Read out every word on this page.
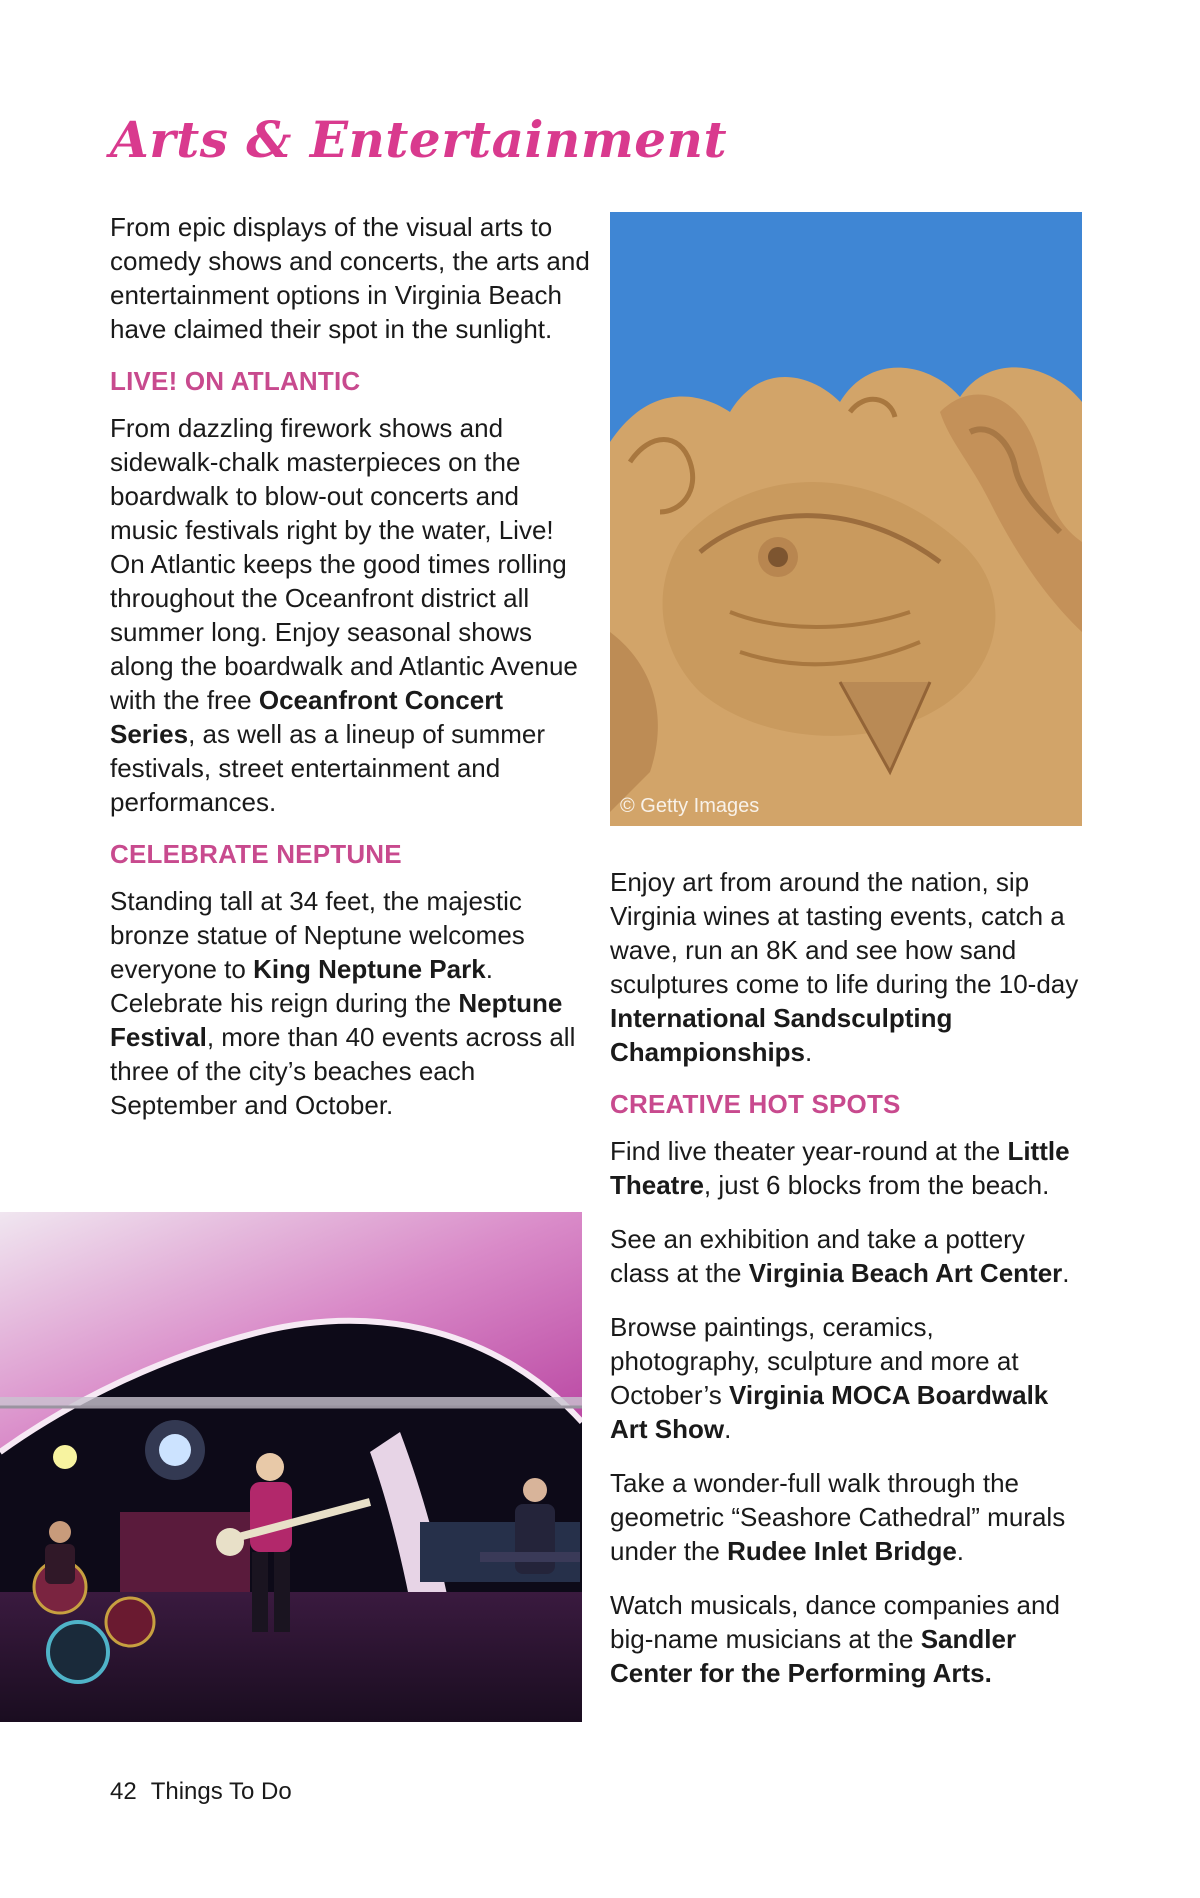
Arts & Entertainment

From epic displays of the visual arts to comedy shows and concerts, the arts and entertainment options in Virginia Beach have claimed their spot in the sunlight.

LIVE! ON ATLANTIC

From dazzling firework shows and sidewalk-chalk masterpieces on the boardwalk to blow-out concerts and music festivals right by the water, Live! On Atlantic keeps the good times rolling throughout the Oceanfront district all summer long. Enjoy seasonal shows along the boardwalk and Atlantic Avenue with the free Oceanfront Concert Series, as well as a lineup of summer festivals, street entertainment and performances.

CELEBRATE NEPTUNE

Standing tall at 34 feet, the majestic bronze statue of Neptune welcomes everyone to King Neptune Park. Celebrate his reign during the Neptune Festival, more than 40 events across all three of the city’s beaches each September and October.

© Getty Images

Enjoy art from around the nation, sip Virginia wines at tasting events, catch a wave, run an 8K and see how sand sculptures come to life during the 10-day International Sandsculpting Championships.

CREATIVE HOT SPOTS

Find live theater year-round at the Little Theatre, just 6 blocks from the beach.

See an exhibition and take a pottery class at the Virginia Beach Art Center.

Browse paintings, ceramics, photography, sculpture and more at October’s Virginia MOCA Boardwalk Art Show.

Take a wonder-full walk through the geometric “Seashore Cathedral” murals under the Rudee Inlet Bridge.

Watch musicals, dance companies and big-name musicians at the Sandler Center for the Performing Arts.

42 Things To Do
